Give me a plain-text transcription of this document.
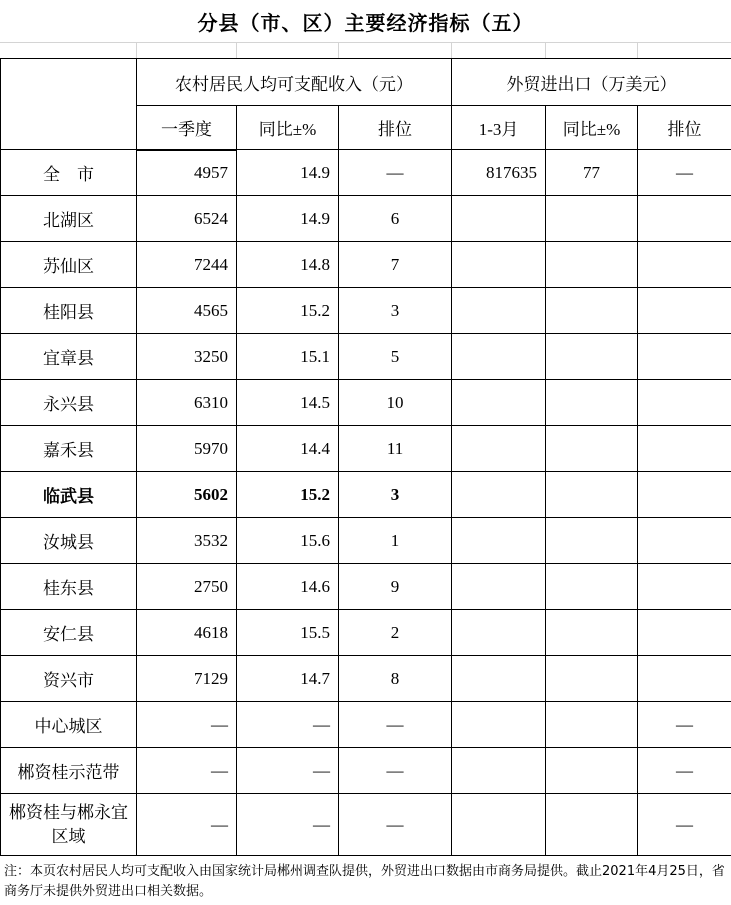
分县（市、区）主要经济指标（五）
	农村居民人均可支配收入（元）			外贸进出口（万美元）		
	一季度	同比±%	排位	1-3月	同比±%	排位
全　市	4957	14.9	—	817635	77	—
北湖区	6524	14.9	6			
苏仙区	7244	14.8	7			
桂阳县	4565	15.2	3			
宜章县	3250	15.1	5			
永兴县	6310	14.5	10			
嘉禾县	5970	14.4	11			
临武县	5602	15.2	3			
汝城县	3532	15.6	1			
桂东县	2750	14.6	9			
安仁县	4618	15.5	2			
资兴市	7129	14.7	8			
中心城区	—	—	—			—
郴资桂示范带	—	—	—			—
郴资桂与郴永宜区域	—	—	—			—
注：本页农村居民人均可支配收入由国家统计局郴州调查队提供，外贸进出口数据由市商务局提供。截止2021年4月25日，省商务厅未提供外贸进出口相关数据。
